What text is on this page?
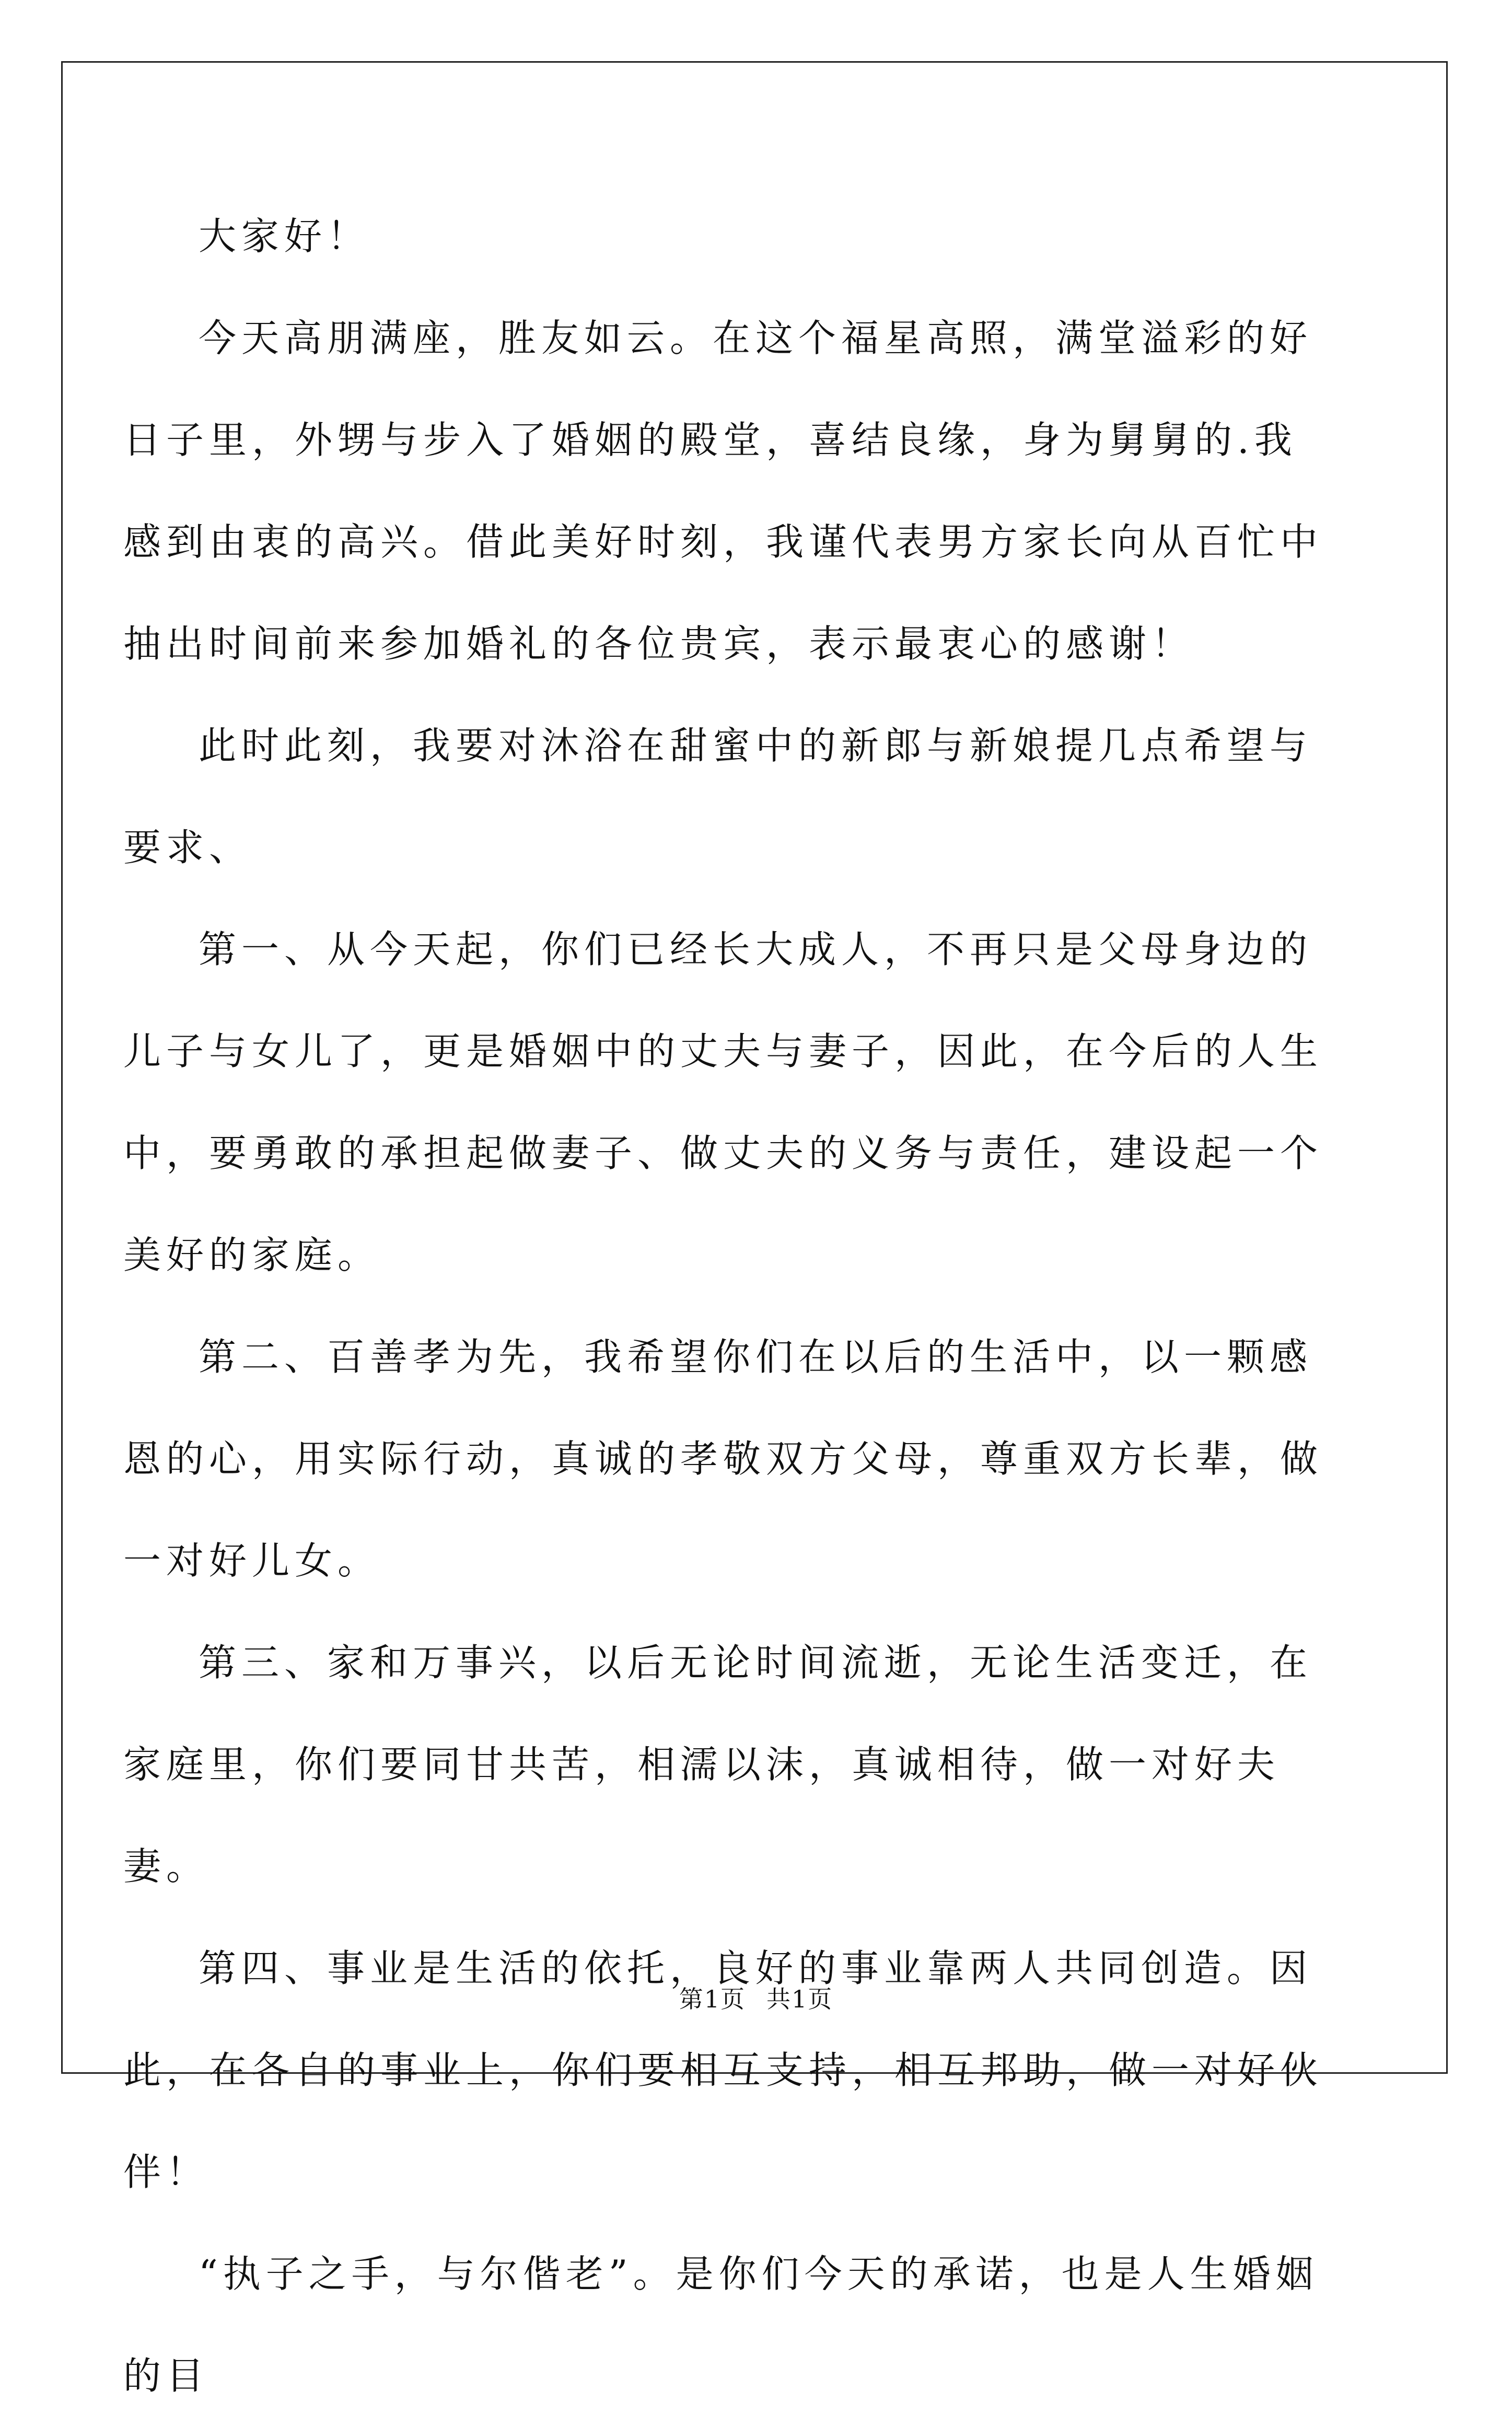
大家好！

今天高朋满座，胜友如云。在这个福星高照，满堂溢彩的好日子里，外甥与步入了婚姻的殿堂，喜结良缘，身为舅舅的.我感到由衷的高兴。借此美好时刻，我谨代表男方家长向从百忙中抽出时间前来参加婚礼的各位贵宾，表示最衷心的感谢！

此时此刻，我要对沐浴在甜蜜中的新郎与新娘提几点希望与要求、

第一、从今天起，你们已经长大成人，不再只是父母身边的儿子与女儿了，更是婚姻中的丈夫与妻子，因此，在今后的人生中，要勇敢的承担起做妻子、做丈夫的义务与责任，建设起一个美好的家庭。

第二、百善孝为先，我希望你们在以后的生活中，以一颗感恩的心，用实际行动，真诚的孝敬双方父母，尊重双方长辈，做一对好儿女。

第三、家和万事兴，以后无论时间流逝，无论生活变迁，在家庭里，你们要同甘共苦，相濡以沫，真诚相待，做一对好夫妻。

第四、事业是生活的依托，良好的事业靠两人共同创造。因此，在各自的事业上，你们要相互支持，相互邦助，做一对好伙伴！

“执子之手，与尔偕老”。是你们今天的承诺，也是人生婚姻的目

第1页 共1页
